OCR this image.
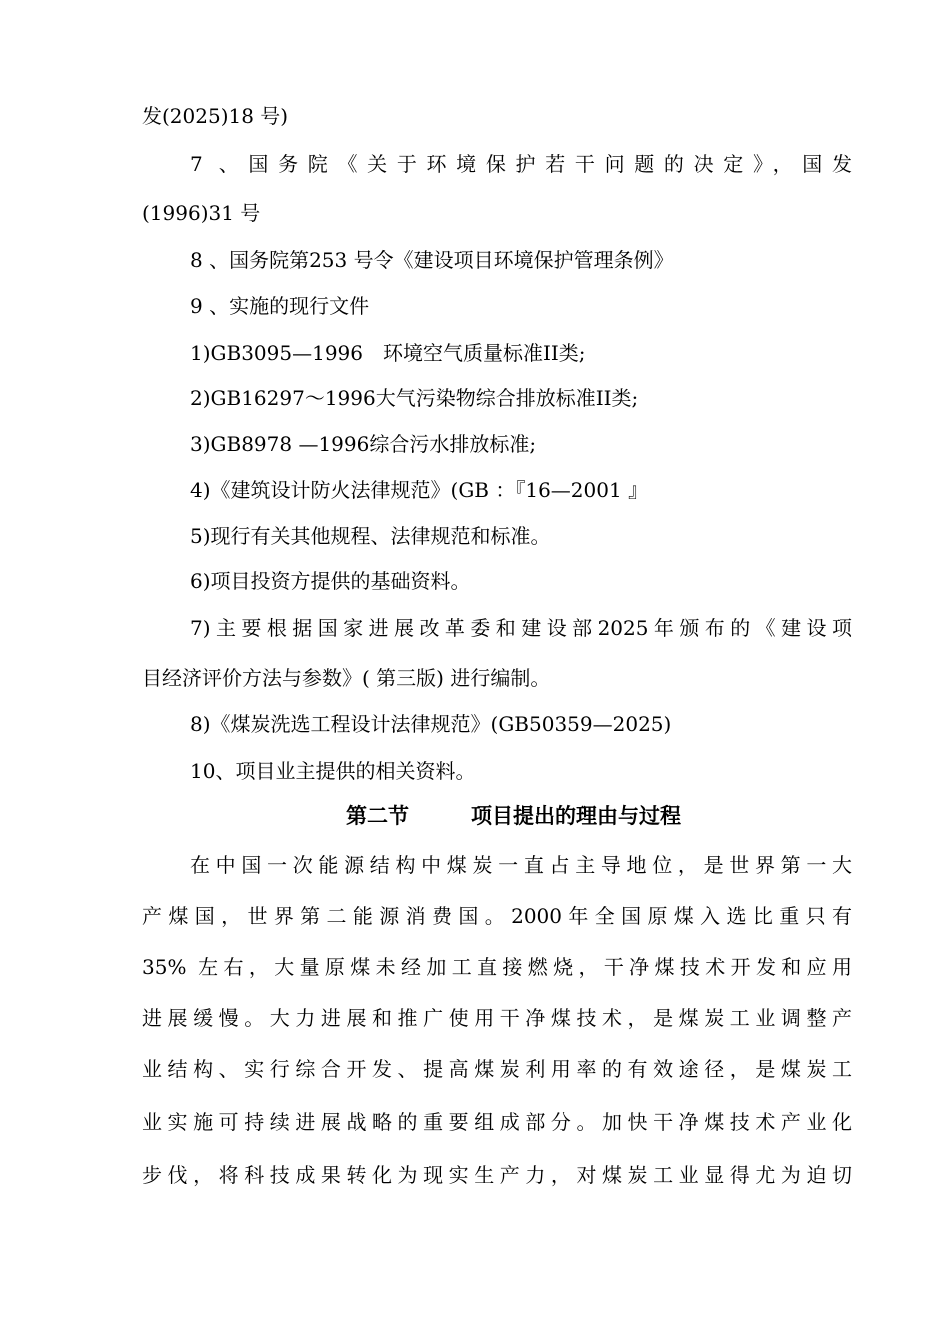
发(2025)18 号)
7 、国务院《关于环境保护若干问题的决定》，国发
(1996)31 号
8 、国务院第253 号令《建设项目环境保护管理条例》
9 、实施的现行文件
1)GB3095—1996　环境空气质量标准II类;
2)GB16297～1996大气污染物综合排放标准II类;
3)GB8978 —1996综合污水排放标准;
4)《建筑设计防火法律规范》(GB ：『16—2001 』
5)现行有关其他规程、法律规范和标准。
6)项目投资方提供的基础资料。
7)主要根据国家进展改革委和建设部2025年颁布的《建设项
目经济评价方法与参数》( 第三版) 进行编制。
8)《煤炭洗选工程设计法律规范》(GB50359—2025)
10、项目业主提供的相关资料。
第二节	项目提出的理由与过程
在中国一次能源结构中煤炭一直占主导地位，是世界第一大
产煤国，世界第二能源消费国。2000年全国原煤入选比重只有
35% 左右，大量原煤未经加工直接燃烧，干净煤技术开发和应用
进展缓慢。大力进展和推广使用干净煤技术，是煤炭工业调整产
业结构、实行综合开发、提高煤炭利用率的有效途径，是煤炭工
业实施可持续进展战略的重要组成部分。加快干净煤技术产业化
步伐，将科技成果转化为现实生产力，对煤炭工业显得尤为迫切
